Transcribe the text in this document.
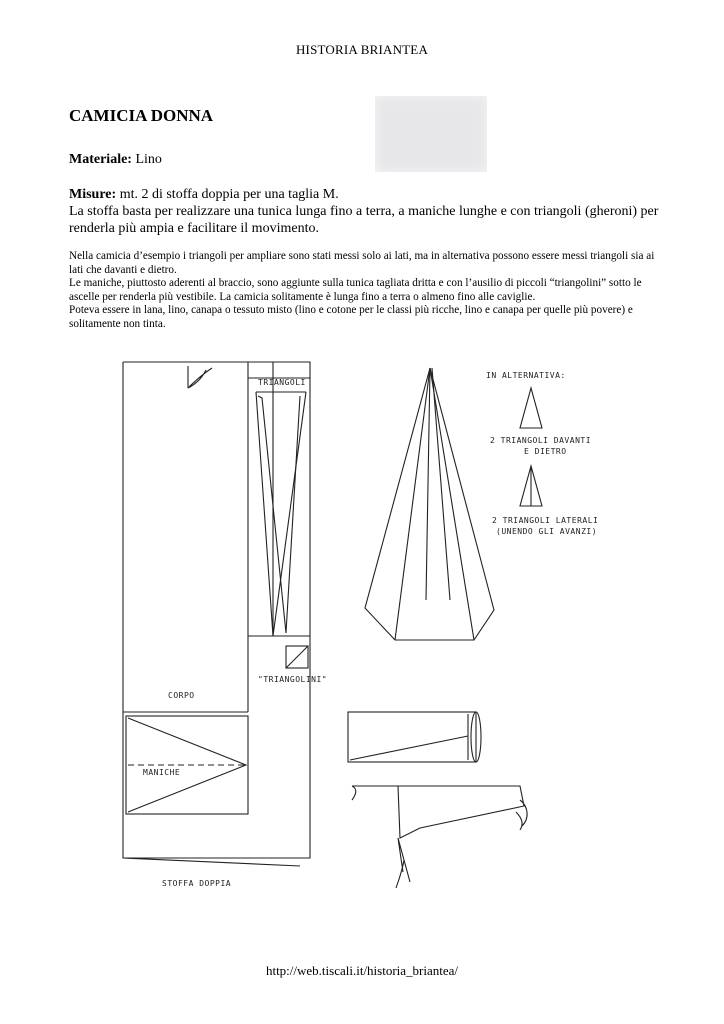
HISTORIA BRIANTEA
CAMICIA DONNA
Materiale: Lino
Misure: mt. 2 di stoffa doppia per una taglia M.
La stoffa basta per realizzare una tunica lunga fino a terra, a maniche lunghe e con triangoli (gheroni) per renderla più ampia e facilitare il movimento.

Nella camicia d’esempio i triangoli per ampliare sono stati messi solo ai lati, ma in alternativa possono essere messi triangoli sia ai lati che davanti e dietro.

Le maniche, piuttosto aderenti al braccio, sono aggiunte sulla tunica tagliata dritta e con l’ausilio di piccoli “triangolini” sotto le ascelle per renderla più vestibile. La camicia solitamente è lunga fino a terra o almeno fino alle caviglie.

Poteva essere in lana, lino, canapa o tessuto misto (lino e cotone per le classi più ricche, lino e canapa per quelle più povere) e solitamente non tinta.

TRIANGOLI
"TRIANGOLINI"
CORPO
MANICHE
STOFFA DOPPIA
IN ALTERNATIVA:
2 TRIANGOLI DAVANTI
E DIETRO
2 TRIANGOLI LATERALI
(UNENDO GLI AVANZI)
http://web.tiscali.it/historia_briantea/
